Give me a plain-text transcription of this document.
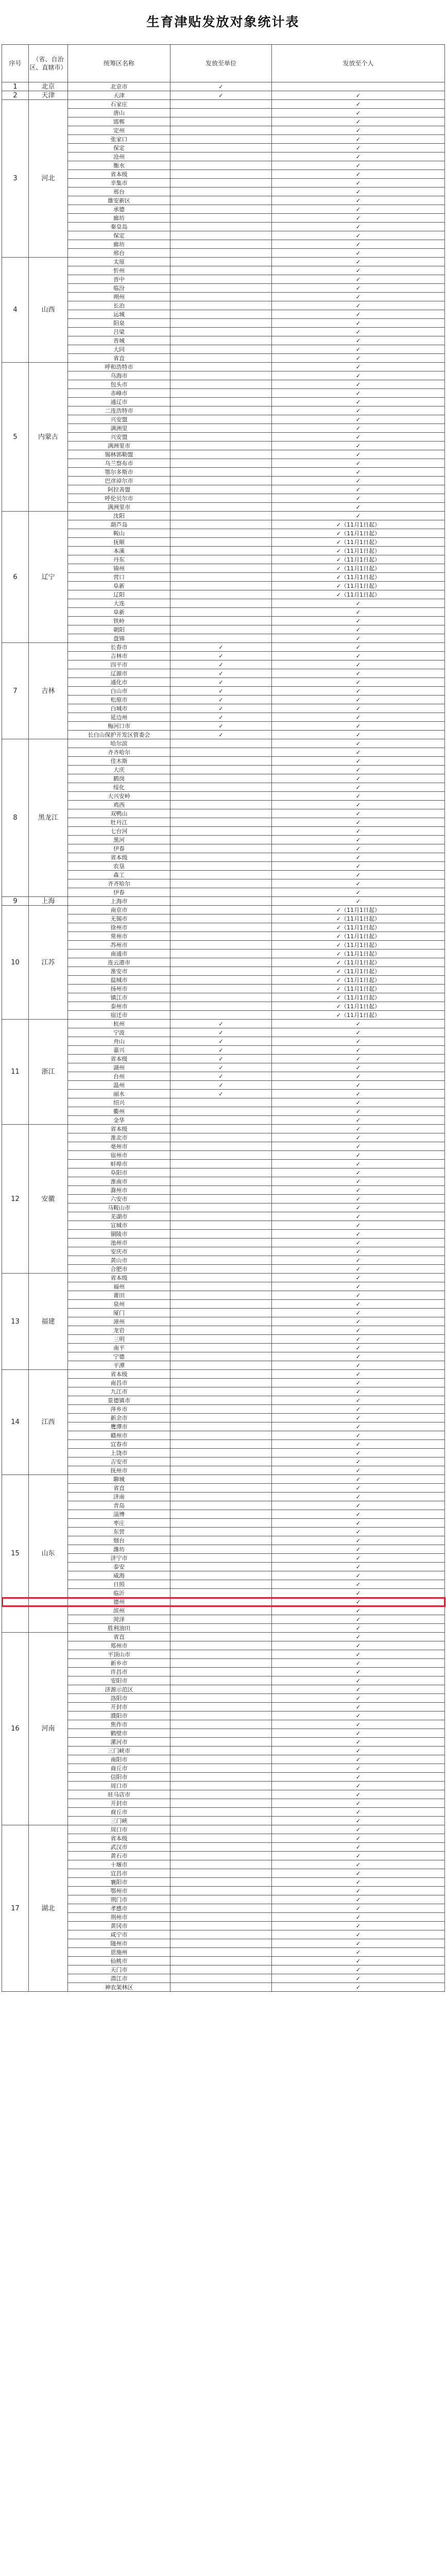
生育津贴发放对象统计表
序号	（省、自治区、直辖市）	统筹区名称	发放至单位	发放至个人
1	北京	北京市	✓	
2	天津	天津	✓	✓
3	河北	石家庄		✓
		唐山		✓
		邯郸		✓
		定州		✓
		张家口		✓
		保定		✓
		沧州		✓
		衡水		✓
		省本级		✓
		辛集市		✓
		邢台		✓
		雄安新区		✓
		承德		✓
		廊坊		✓
		秦皇岛		✓
		保定		✓
		廊坊		✓
		邢台		✓
4	山西	太原		✓
		忻州		✓
		晋中		✓
		临汾		✓
		朔州		✓
		长治		✓
		运城		✓
		阳泉		✓
		吕梁		✓
		晋城		✓
		大同		✓
		省直		✓
5	内蒙古	呼和浩特市		✓
		乌海市		✓
		包头市		✓
		赤峰市		✓
		通辽市		✓
		二连浩特市		✓
		兴安盟		✓
		满洲里		✓
		兴安盟		✓
		满洲里市		✓
		锡林郭勒盟		✓
		乌兰察布市		✓
		鄂尔多斯市		✓
		巴彦淖尔市		✓
		阿拉善盟		✓
		呼伦贝尔市		✓
		满洲里市		✓
6	辽宁	沈阳		✓
		葫芦岛		✓（11月1日起）
		鞍山		✓（11月1日起）
		抚顺		✓（11月1日起）
		本溪		✓（11月1日起）
		丹东		✓（11月1日起）
		锦州		✓（11月1日起）
		营口		✓（11月1日起）
		阜新		✓（11月1日起）
		辽阳		✓（11月1日起）
		大连		✓
		阜新		✓
		铁岭		✓
		朝阳		✓
		盘锦		✓
7	吉林	长春市	✓	✓
		吉林市	✓	✓
		四平市	✓	✓
		辽源市	✓	✓
		通化市	✓	✓
		白山市	✓	✓
		松原市	✓	✓
		白城市	✓	✓
		延边州	✓	✓
		梅河口市	✓	✓
		长白山保护开发区管委会	✓	✓
8	黑龙江	哈尔滨		✓
		齐齐哈尔		✓
		佳木斯		✓
		大庆		✓
		鹤岗		✓
		绥化		✓
		大兴安岭		✓
		鸡西		✓
		双鸭山		✓
		牡丹江		✓
		七台河		✓
		黑河		✓
		伊春		✓
		省本级		✓
		农垦		✓
		森工		✓
		齐齐哈尔		✓
		伊春		✓
9	上海	上海市		✓
10	江苏	南京市		✓（11月1日起）
		无锡市		✓（11月1日起）
		徐州市		✓（11月1日起）
		常州市		✓（11月1日起）
		苏州市		✓（11月1日起）
		南通市		✓（11月1日起）
		连云港市		✓（11月1日起）
		淮安市		✓（11月1日起）
		盐城市		✓（11月1日起）
		扬州市		✓（11月1日起）
		镇江市		✓（11月1日起）
		泰州市		✓（11月1日起）
		宿迁市		✓（11月1日起）
11	浙江	杭州	✓	✓
		宁波	✓	✓
		舟山	✓	✓
		嘉兴	✓	✓
		省本级	✓	✓
		湖州	✓	✓
		台州	✓	✓
		温州	✓	✓
		丽水	✓	✓
		绍兴		✓
		衢州		✓
		金华		✓
12	安徽	省本级		✓
		淮北市		✓
		亳州市		✓
		宿州市		✓
		蚌埠市		✓
		阜阳市		✓
		淮南市		✓
		滁州市		✓
		六安市		✓
		马鞍山市		✓
		芜湖市		✓
		宣城市		✓
		铜陵市		✓
		池州市		✓
		安庆市		✓
		黄山市		✓
		合肥市		✓
13	福建	省本级		✓
		福州		✓
		莆田		✓
		泉州		✓
		厦门		✓
		漳州		✓
		龙岩		✓
		三明		✓
		南平		✓
		宁德		✓
		平潭		✓
14	江西	省本级		✓
		南昌市		✓
		九江市		✓
		景德镇市		✓
		萍乡市		✓
		新余市		✓
		鹰潭市		✓
		赣州市		✓
		宜春市		✓
		上饶市		✓
		吉安市		✓
		抚州市		✓
15	山东	聊城		✓
		省直		✓
		济南		✓
		青岛		✓
		淄博		✓
		枣庄		✓
		东营		✓
		烟台		✓
		潍坊		✓
		济宁市		✓
		泰安		✓
		威海		✓
		日照		✓
		临沂		✓
		德州		✓
		滨州		✓
		菏泽		✓
		胜利油田		✓
16	河南	省直		✓
		郑州市		✓
		平顶山市		✓
		新乡市		✓
		许昌市		✓
		安阳市		✓
		济源示范区		✓
		洛阳市		✓
		开封市		✓
		濮阳市		✓
		焦作市		✓
		鹤壁市		✓
		漯河市		✓
		三门峡市		✓
		南阳市		✓
		商丘市		✓
		信阳市		✓
		周口市		✓
		驻马店市		✓
		开封市		✓
		商丘市		✓
		三门峡		✓
17	湖北	周口市		✓
		省本级		✓
		武汉市		✓
		黄石市		✓
		十堰市		✓
		宜昌市		✓
		襄阳市		✓
		鄂州市		✓
		荆门市		✓
		孝感市		✓
		荆州市		✓
		黄冈市		✓
		咸宁市		✓
		随州市		✓
		恩施州		✓
		仙桃市		✓
		天门市		✓
		潜江市		✓
		神农架林区		✓
